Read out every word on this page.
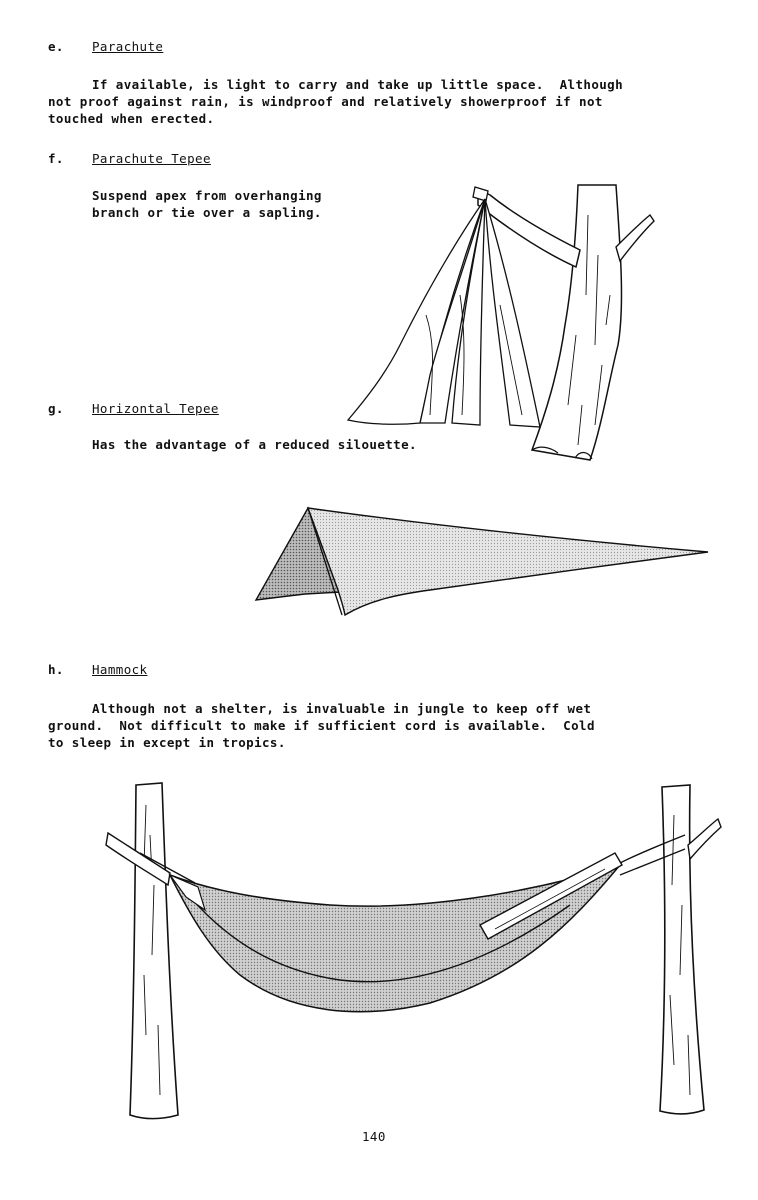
e. Parachute
If available, is light to carry and take up little space.  Although
not proof against rain, is windproof and relatively showerproof if not
touched when erected.
f. Parachute Tepee
Suspend apex from overhanging
branch or tie over a sapling.
g. Horizontal Tepee
Has the advantage of a reduced silouette.
h. Hammock
Although not a shelter, is invaluable in jungle to keep off wet
ground.  Not difficult to make if sufficient cord is available.  Cold
to sleep in except in tropics.
140
